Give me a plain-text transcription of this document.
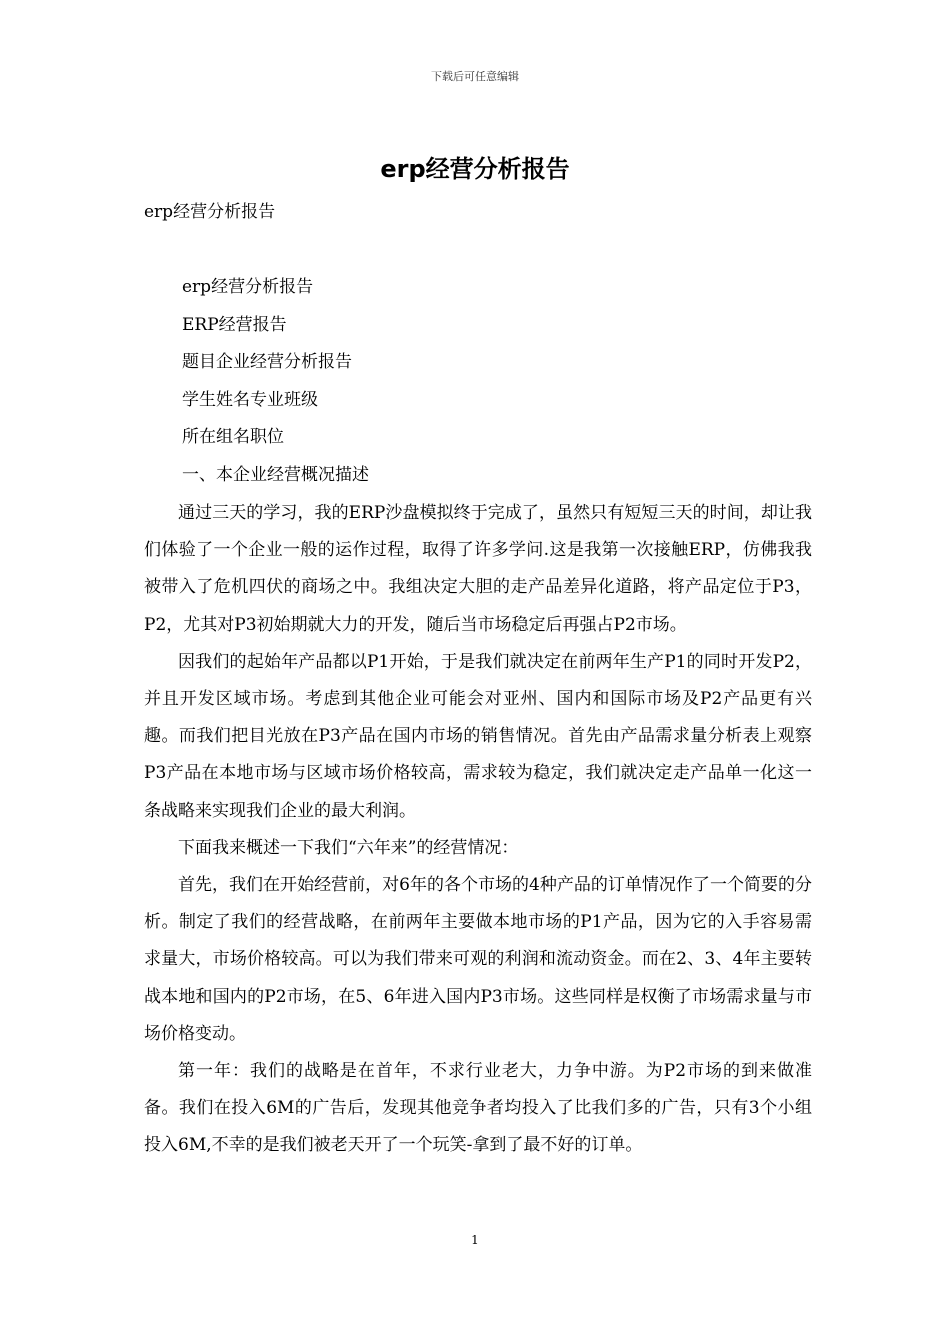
下载后可任意编辑
erp经营分析报告
erp经营分析报告
erp经营分析报告
ERP经营报告
题目企业经营分析报告
学生姓名专业班级
所在组名职位
一、本企业经营概况描述

通过三天的学习，我的ERP沙盘模拟终于完成了，虽然只有短短三天的时间，却让我们体验了一个企业一般的运作过程，取得了许多学问.这是我第一次接触ERP，仿佛我我被带入了危机四伏的商场之中。我组决定大胆的走产品差异化道路，将产品定位于P3，P2，尤其对P3初始期就大力的开发，随后当市场稳定后再强占P2市场。

因我们的起始年产品都以P1开始，于是我们就决定在前两年生产P1的同时开发P2，并且开发区域市场。考虑到其他企业可能会对亚州、国内和国际市场及P2产品更有兴趣。而我们把目光放在P3产品在国内市场的销售情况。首先由产品需求量分析表上观察P3产品在本地市场与区域市场价格较高，需求较为稳定，我们就决定走产品单一化这一条战略来实现我们企业的最大利润。

下面我来概述一下我们“六年来”的经营情况：

首先，我们在开始经营前，对6年的各个市场的4种产品的订单情况作了一个简要的分析。制定了我们的经营战略，在前两年主要做本地市场的P1产品，因为它的入手容易需求量大，市场价格较高。可以为我们带来可观的利润和流动资金。而在2、3、4年主要转战本地和国内的P2市场，在5、6年进入国内P3市场。这些同样是权衡了市场需求量与市场价格变动。

第一年：我们的战略是在首年，不求行业老大，力争中游。为P2市场的到来做准备。我们在投入6M的广告后，发现其他竞争者均投入了比我们多的广告，只有3个小组投入6M,不幸的是我们被老天开了一个玩笑-拿到了最不好的订单。

1
